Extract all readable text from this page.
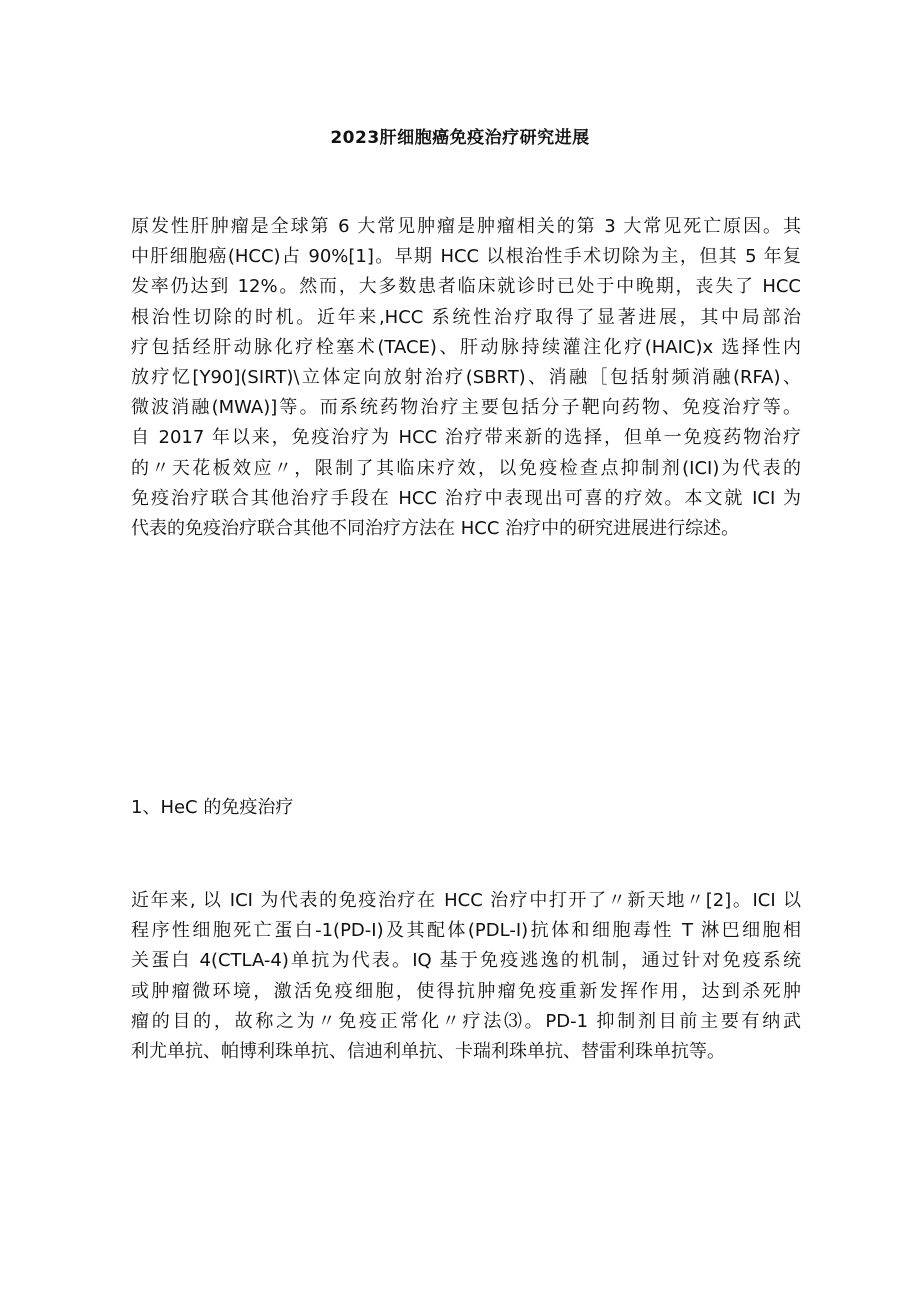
2023肝细胞癌免疫治疗研究进展
原发性肝肿瘤是全球第 6 大常见肿瘤是肿瘤相关的第 3 大常见死亡原因。其
中肝细胞癌(HCC)占 90%[1]。早期 HCC 以根治性手术切除为主，但其 5 年复
发率仍达到 12%。然而，大多数患者临床就诊时已处于中晚期，丧失了 HCC
根治性切除的时机。近年来,HCC 系统性治疗取得了显著进展，其中局部治
疗包括经肝动脉化疗栓塞术(TACE)、肝动脉持续灌注化疗(HAIC)x 选择性内
放疗忆[Y90](SIRT)\立体定向放射治疗(SBRT)、消融［包括射频消融(RFA)、
微波消融(MWA)]等。而系统药物治疗主要包括分子靶向药物、免疫治疗等。
自 2017 年以来，免疫治疗为 HCC 治疗带来新的选择，但单一免疫药物治疗
的〃天花板效应〃，限制了其临床疗效，以免疫检查点抑制剂(ICI)为代表的
免疫治疗联合其他治疗手段在 HCC 治疗中表现出可喜的疗效。本文就 ICI 为
代表的免疫治疗联合其他不同治疗方法在 HCC 治疗中的研究进展进行综述。
1、HeC 的免疫治疗
近年来, 以 ICI 为代表的免疫治疗在 HCC 治疗中打开了〃新天地〃[2]。ICI 以
程序性细胞死亡蛋白-1(PD-I)及其配体(PDL-I)抗体和细胞毒性 T 淋巴细胞相
关蛋白 4(CTLA-4)单抗为代表。IQ 基于免疫逃逸的机制，通过针对免疫系统
或肿瘤微环境，激活免疫细胞，使得抗肿瘤免疫重新发挥作用，达到杀死肿
瘤的目的，故称之为〃免疫正常化〃疗法⑶。PD-1 抑制剂目前主要有纳武
利尤单抗、帕博利珠单抗、信迪利单抗、卡瑞利珠单抗、替雷利珠单抗等。
